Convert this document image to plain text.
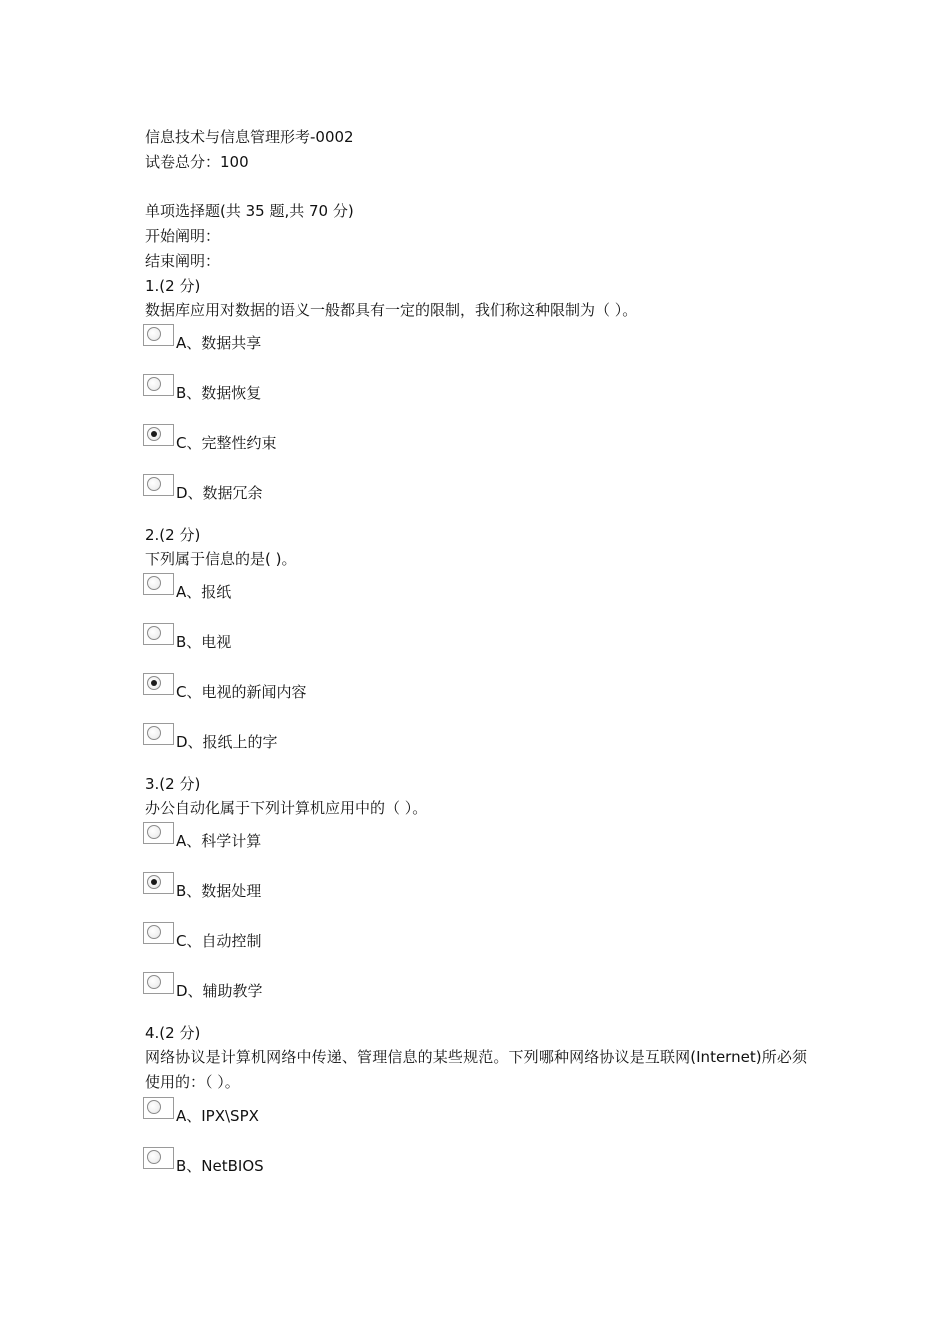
信息技术与信息管理形考-0002
试卷总分：100
单项选择题(共 35 题,共 70 分)
开始阐明：
结束阐明：
1.(2 分)
数据库应用对数据的语义一般都具有一定的限制，我们称这种限制为（ ）。
A、数据共享
B、数据恢复
C、完整性约束
D、数据冗余
2.(2 分)
下列属于信息的是( )。
A、报纸
B、电视
C、电视的新闻内容
D、报纸上的字
3.(2 分)
办公自动化属于下列计算机应用中的（ ）。
A、科学计算
B、数据处理
C、自动控制
D、辅助教学
4.(2 分)
网络协议是计算机网络中传递、管理信息的某些规范。下列哪种网络协议是互联网(Internet)所必须使用的：（ ）。
A、IPX\SPX
B、NetBIOS
